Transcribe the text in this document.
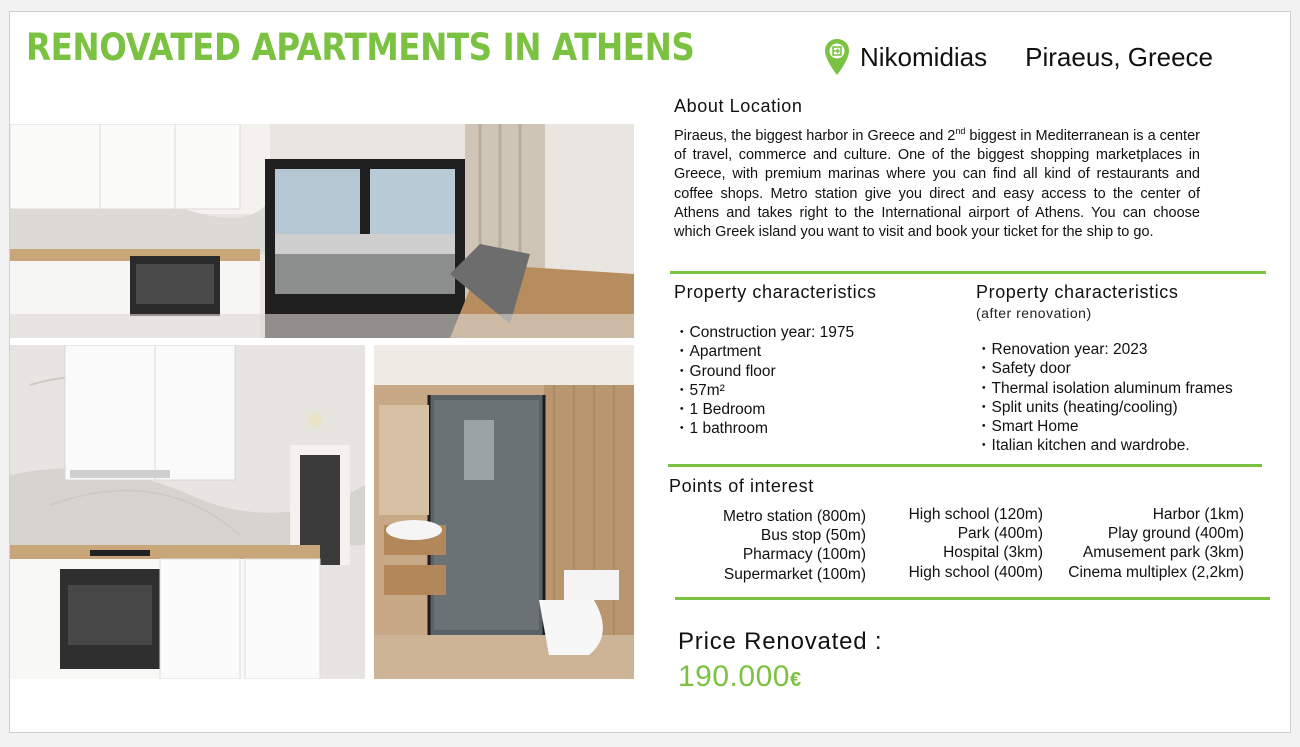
RENOVATED APARTMENTS IN ATHENS	Nikomidias Piraeus, Greece
About Location
Piraeus, the biggest harbor in Greece and 2nd biggest in Mediterranean is a center of travel, commerce and culture. One of the biggest shopping marketplaces in Greece, with premium marinas where you can find all kind of restaurants and coffee shops. Metro station give you direct and easy access to the center of Athens and takes right to the International airport of Athens. You can choose which Greek island you want to visit and book your ticket for the ship to go.
Property characteristics
・ Construction year: 1975
・ Apartment
・ Ground floor
・ 57m²
・ 1 Bedroom
・ 1 bathroom
Property characteristics
(after renovation)
・ Renovation year: 2023
・ Safety door
・ Thermal isolation aluminum frames
・ Split units (heating/cooling)
・ Smart Home
・ Italian kitchen and wardrobe.
Points of interest
Metro station (800m)
Bus stop (50m)
Pharmacy (100m)
Supermarket (100m)
High school (120m)
Park (400m)
Hospital (3km)
High school (400m)
Harbor (1km)
Play ground (400m)
Amusement park (3km)
Cinema multiplex (2,2km)
Price Renovated :
190.000€
